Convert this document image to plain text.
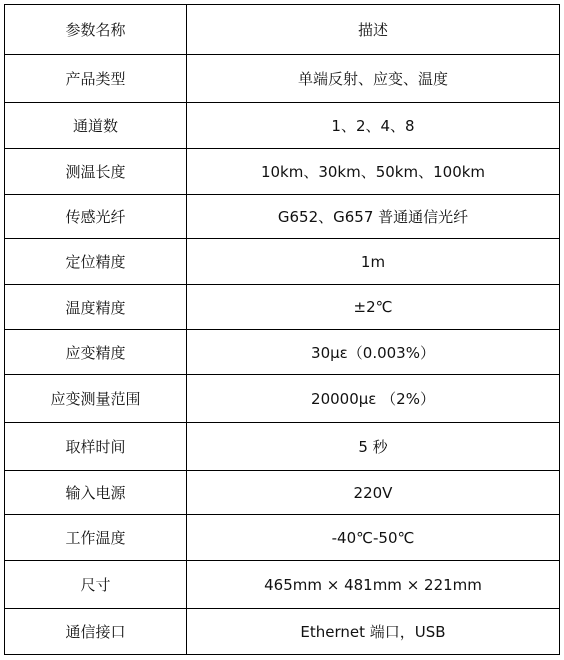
参数名称	描述
产品类型	单端反射、应变、温度
通道数	1、2、4、8
测温长度	10km、30km、50km、100km
传感光纤	G652、G657 普通通信光纤
定位精度	1m
温度精度	±2℃
应变精度	30με（0.003%）
应变测量范围	20000με （2%）
取样时间	5 秒
输入电源	220V
工作温度	-40℃-50℃
尺寸	465mm × 481mm × 221mm
通信接口	Ethernet 端口，USB
